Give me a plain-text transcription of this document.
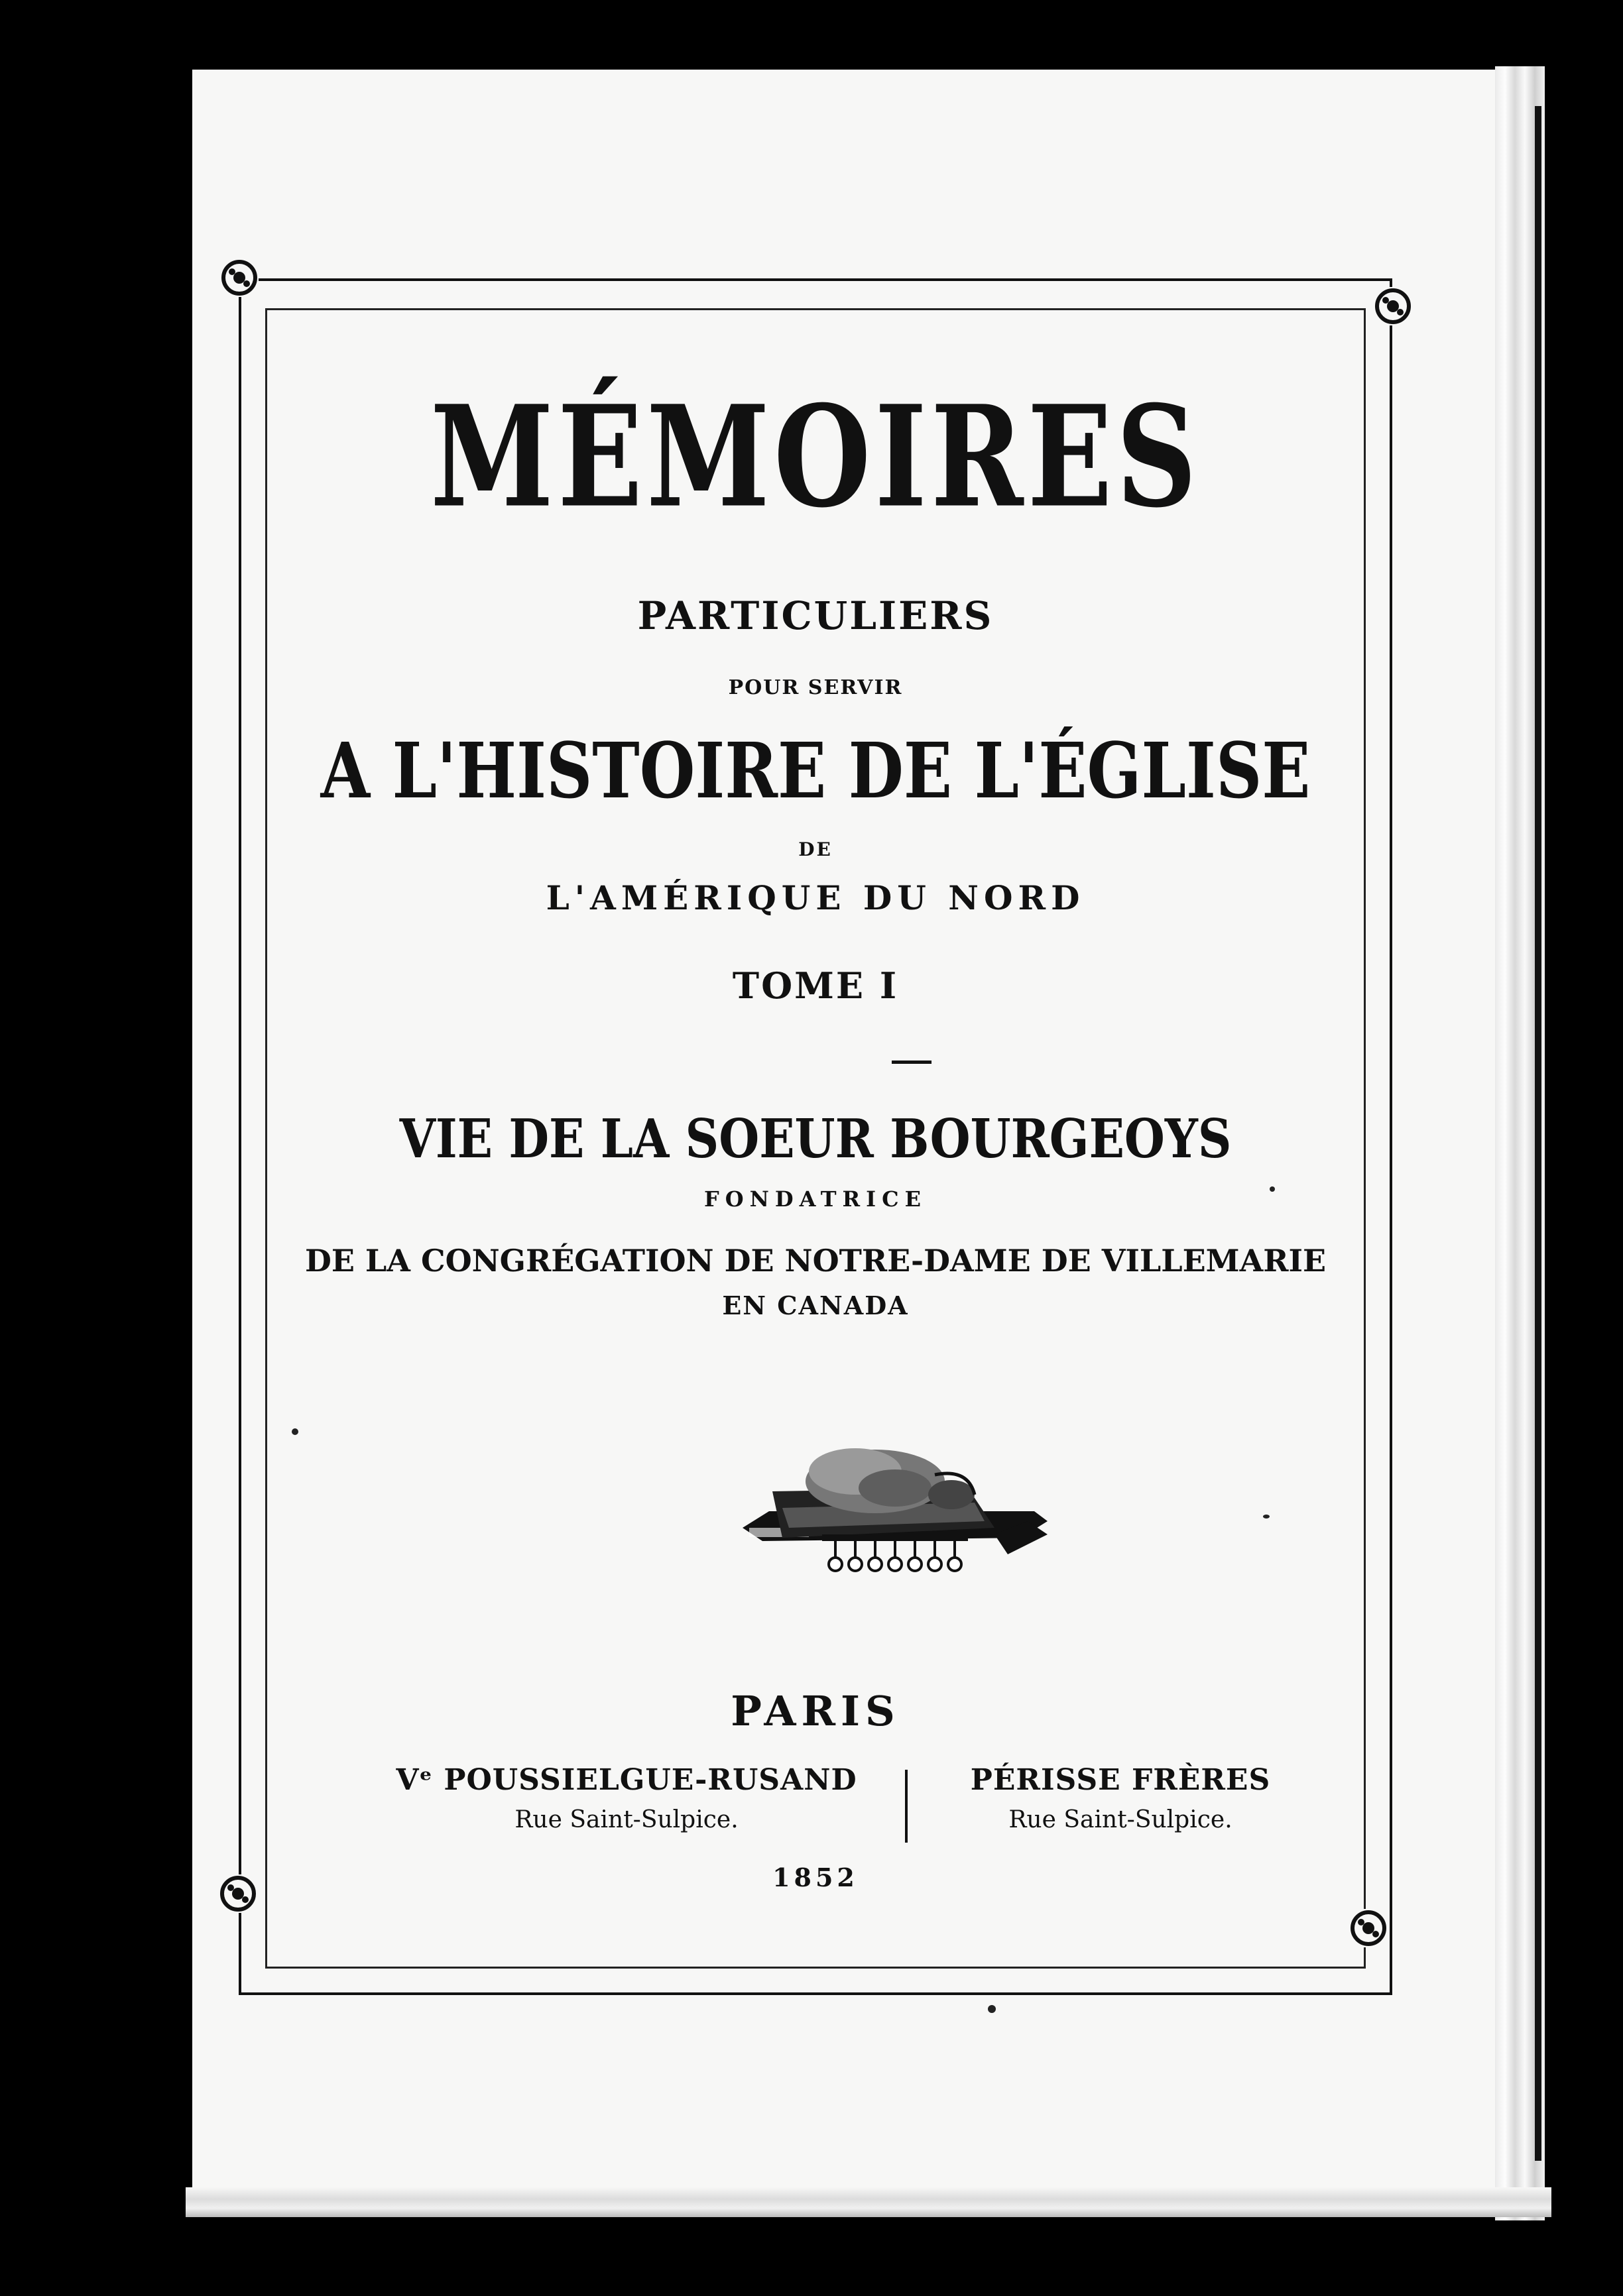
MÉMOIRES
PARTICULIERS
POUR SERVIR
A L'HISTOIRE DE L'ÉGLISE
DE
L'AMÉRIQUE DU NORD
TOME I
VIE DE LA SOEUR BOURGEOYS
FONDATRICE
DE LA CONGRÉGATION DE NOTRE-DAME DE VILLEMARIE
EN CANADA
PARIS
Vᵉ POUSSIELGUE-RUSAND
Rue Saint-Sulpice.
PÉRISSE FRÈRES
Rue Saint-Sulpice.
1852
